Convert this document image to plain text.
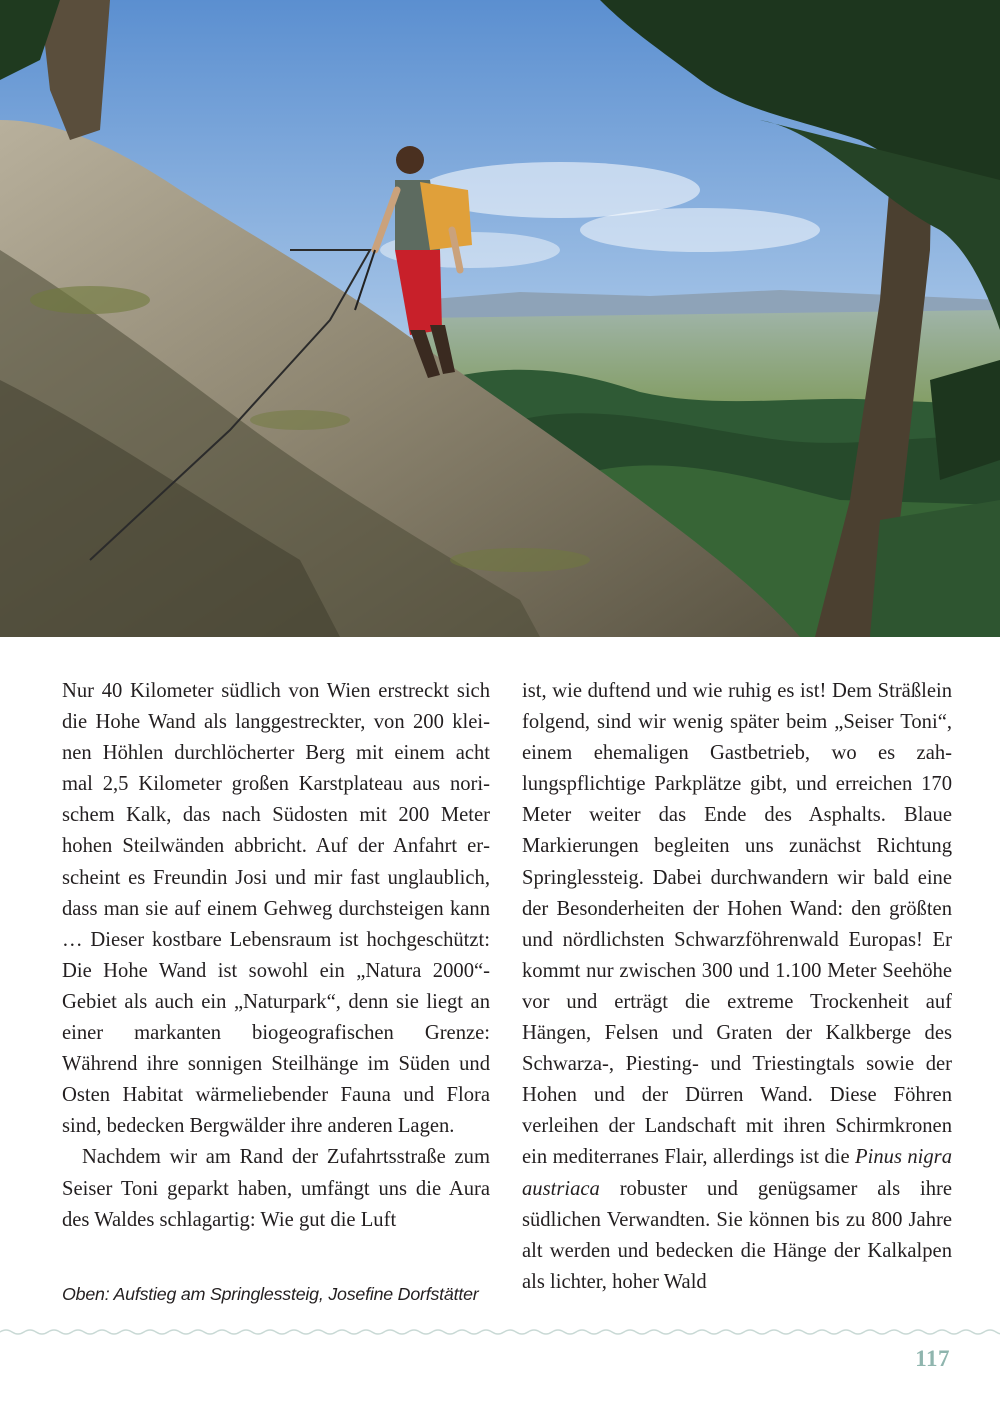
Nur 40 Kilometer südlich von Wien erstreckt sich die Hohe Wand als langgestreckter, von 200 kleinen Höhlen durchlöcherter Berg mit einem acht mal 2,5 Kilometer großen Karstplateau aus norischem Kalk, das nach Südosten mit 200 Meter hohen Steilwänden abbricht. Auf der Anfahrt erscheint es Freundin Josi und mir fast unglaublich, dass man sie auf einem Gehweg durchsteigen kann … Dieser kostbare Lebensraum ist hochgeschützt: Die Hohe Wand ist sowohl ein „Natura 2000“-Gebiet als auch ein „Naturpark“, denn sie liegt an einer markanten biogeografischen Grenze: Während ihre sonnigen Steilhänge im Süden und Osten Habitat wärmeliebender Fauna und Flora sind, bedecken Bergwälder ihre anderen Lagen.

Nachdem wir am Rand der Zufahrtsstraße zum Seiser Toni geparkt haben, umfängt uns die Aura des Waldes schlagartig: Wie gut die Luft

ist, wie duftend und wie ruhig es ist! Dem Sträßlein folgend, sind wir wenig später beim „Seiser Toni“, einem ehemaligen Gastbetrieb, wo es zahlungspflichtige Parkplätze gibt, und erreichen 170 Meter weiter das Ende des Asphalts. Blaue Markierungen begleiten uns zunächst Richtung Springlessteig. Dabei durchwandern wir bald eine der Besonderheiten der Hohen Wand: den größten und nördlichsten Schwarzföhrenwald Europas! Er kommt nur zwischen 300 und 1.100 Meter Seehöhe vor und erträgt die extreme Trockenheit auf Hängen, Felsen und Graten der Kalkberge des Schwarza-, Piesting- und Triestingtals sowie der Hohen und der Dürren Wand. Diese Föhren verleihen der Landschaft mit ihren Schirmkronen ein mediterranes Flair, allerdings ist die Pinus nigra austriaca robuster und genügsamer als ihre südlichen Verwandten. Sie können bis zu 800 Jahre alt werden und bedecken die Hänge der Kalkalpen als lichter, hoher Wald

Oben: Aufstieg am Springlessteig, Josefine Dorfstätter
117
